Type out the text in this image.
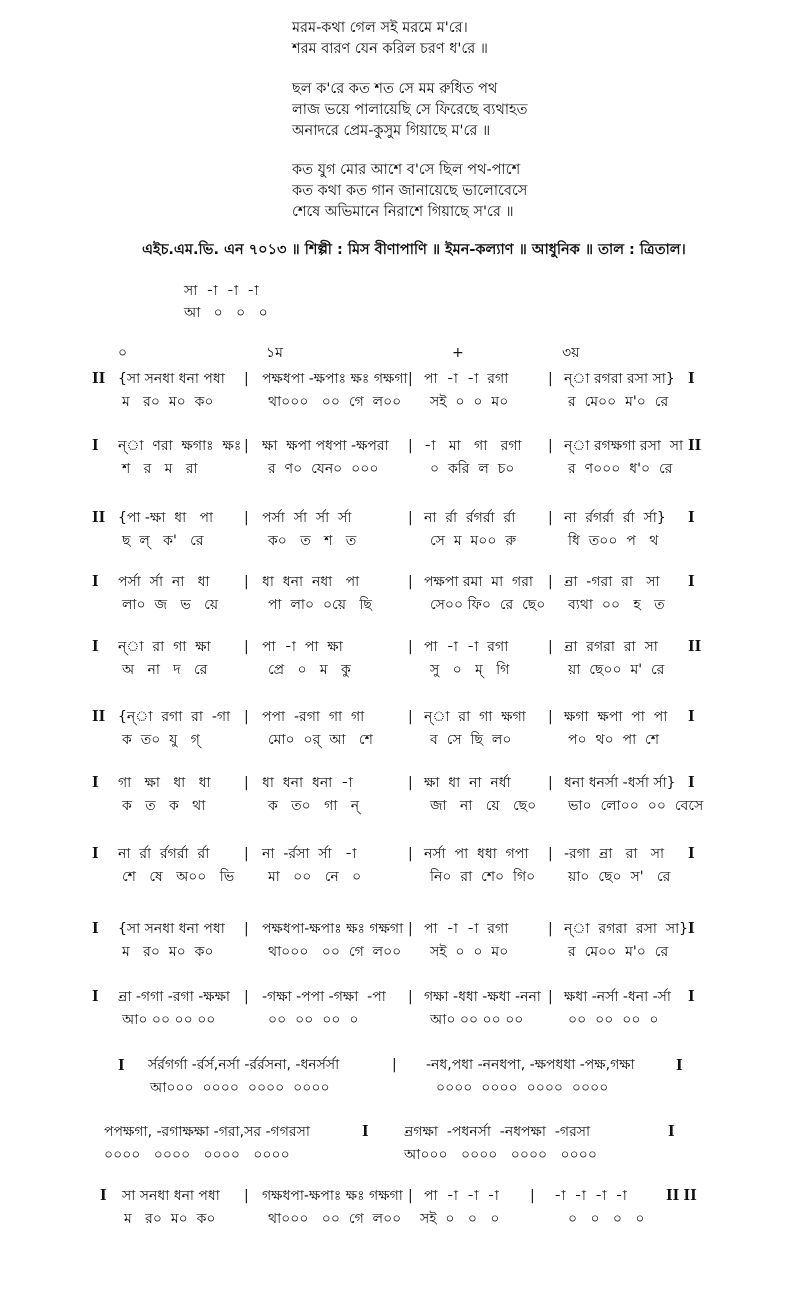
মরম-কথা গেল সই মরমে ম'রে।
শরম বারণ যেন করিল চরণ ধ'রে ॥
ছল ক'রে কত শত সে মম রুধিত পথ
লাজ ভয়ে পালায়েছি সে ফিরেছে ব্যথাহত
অনাদরে প্রেম-কুসুম গিয়াছে ম'রে ॥
কত যুগ মোর আশে ব'সে ছিল পথ-পাশে
কত কথা কত গান জানায়েছে ভালোবেসে
শেষে অভিমানে নিরাশে গিয়াছে স'রে ॥
এইচ.এম.ভি. এন ৭০১৩ ॥ শিল্পী : মিস বীণাপাণি ॥ ইমন-কল্যাণ ॥ আধুনিক ॥ তাল : ত্রিতাল।
সা  -া  -া  -া
আ   ০   ০   ০
০	১ম	+	৩য়
II {সা সনধা ধনা পধা	পক্ষধপা -ক্ষপাঃ ক্ষঃ গক্ষগা পা  -া  -া  রগা	ন্া রগরা রসা সা}
|	|	|	I
ম   র০  ম০  ক০	থা০০০   ০০  গে  ল০০ সই  ০  ০  ম০	র  মে০০  ম'০  রে
I ন্া  ণরা  ক্ষগাঃ  ক্ষঃ ক্ষা  ক্ষপা পধপা -ক্ষপরা	-া   মা   গা   রগা	ন্া রগক্ষগা রসা  সা
|	|	|	II
শ   র   ম   রা	র  ণ০  যেন০  ০০০	০  করি  ল  চ০	র  ণ০০০  ধ'০  রে
II {পা -ক্ষা  ধা   পা	পর্সা  র্সা  র্সা  র্সা	না  র্রা  র্রগর্রা  র্রা	না  র্রগর্রা  র্রা  র্সা}
|	|	|	I
ছ  ল্   ক'   রে	ক০   ত   শ   ত	সে  ম  ম০০  রু	ধি  ত০০  প   থ
I পর্সা  র্সা  না   ধা	ধা  ধনা  নধা   পা	পক্ষপা রমা  মা  গরা ন্রা  -গরা  রা   সা
|	|	|	I
লা০  জ   ভ   য়ে	পা  লা০  ০য়ে   ছি	সে০০ ফি০  রে  ছে০ ব্যথা  ০০   হ   ত
I ন্া  রা  গা  ক্ষা	পা  -া  পা  ক্ষা	পা  -া  -া  রগা	ন্রা  রগরা  রা  সা
|	|	|	II
অ   না   দ   রে	প্রে   ০   ম   কু	সু   ০   ম্   গি	য়া  ছে০০  ম'  রে
II {ন্া  রগা  রা  -গা পপা  -রগা  গা  গা	ন্া  রা  গা  ক্ষগা	ক্ষগা  ক্ষপা  পা  পা
|	|	|	I
ক  ত০  যু   গ্	মো০  ০র্  আ   শে	ব  সে  ছি  ল০	প০  থ০  পা  শে
I গা   ক্ষা   ধা   ধা	ধা  ধনা  ধনা  -া	ক্ষা  ধা  না  নর্ধা	ধনা ধনর্সা -ধর্সা র্সা}
|	|	|	I
ক   ত   ক   থা	ক   ত০   গা   ন্	জা   না   য়ে   ছে০ ভা০  লো০০  ০০  বেসে
I না  র্রা  র্রগর্রা  র্রা	না  -র্রসা  র্সা   -া	নর্সা  পা  ধধা  গপা	-রগা  ন্রা   রা   সা
|	|	|	I
শে   ষে   অ০০   ভি মা   ০০   নে   ০	নি০  রা  শে০  গি০ য়া০  ছে০  স'   রে
I {সা সনধা ধনা পধা	পক্ষধপা-ক্ষপাঃ ক্ষঃ গক্ষগা পা  -া  -া  রগা	ন্া  রগরা  রসা  সা}
|	|	|	I
ম   র০  ম০  ক০	থা০০০   ০০  গে  ল০০ সই  ০  ০  ম০	র  মে০০  ম'০  রে
I ন্রা -গগা -রগা -ক্ষক্ষা -গক্ষা -পপা -গক্ষা  -পা	গক্ষা -ধধা -ক্ষধা -ননা ক্ষধা -নর্সা -ধনা -র্সা
|	|	|	I
আ০ ০০ ০০ ০০	০০  ০০  ০০  ০	আ০ ০০ ০০ ০০	০০  ০০  ০০  ০
I র্সর্রগর্গা -র্রর্স,নর্সা -র্রর্রসনা, -ধনর্সর্সা	| -নধ,পধা -ননধপা, -ক্ষপধধা -পক্ষ,গক্ষা I
আ০০০  ০০০০  ০০০০  ০০০০	০০০০  ০০০০  ০০০০  ০০০০
পপক্ষগা, -রগাক্ষক্ষা -গরা,সর -গগরসা	I	ন্রগক্ষা  -পধনর্সা  -নধপক্ষা  -গরসা	I
০০০০   ০০০০   ০০০০   ০০০০	আ০০০   ০০০০   ০০০০   ০০০০
I সা সনধা ধনা পধা	গক্ষধপা-ক্ষপাঃ ক্ষঃ গক্ষগা পা  -া  -া  -া	-া  -া  -া  -া
|	|	|	II II
ম   র০  ম০  ক০	থা০০০   ০০  গে  ল০০ সই  ০   ০   ০	০   ০   ০   ০
